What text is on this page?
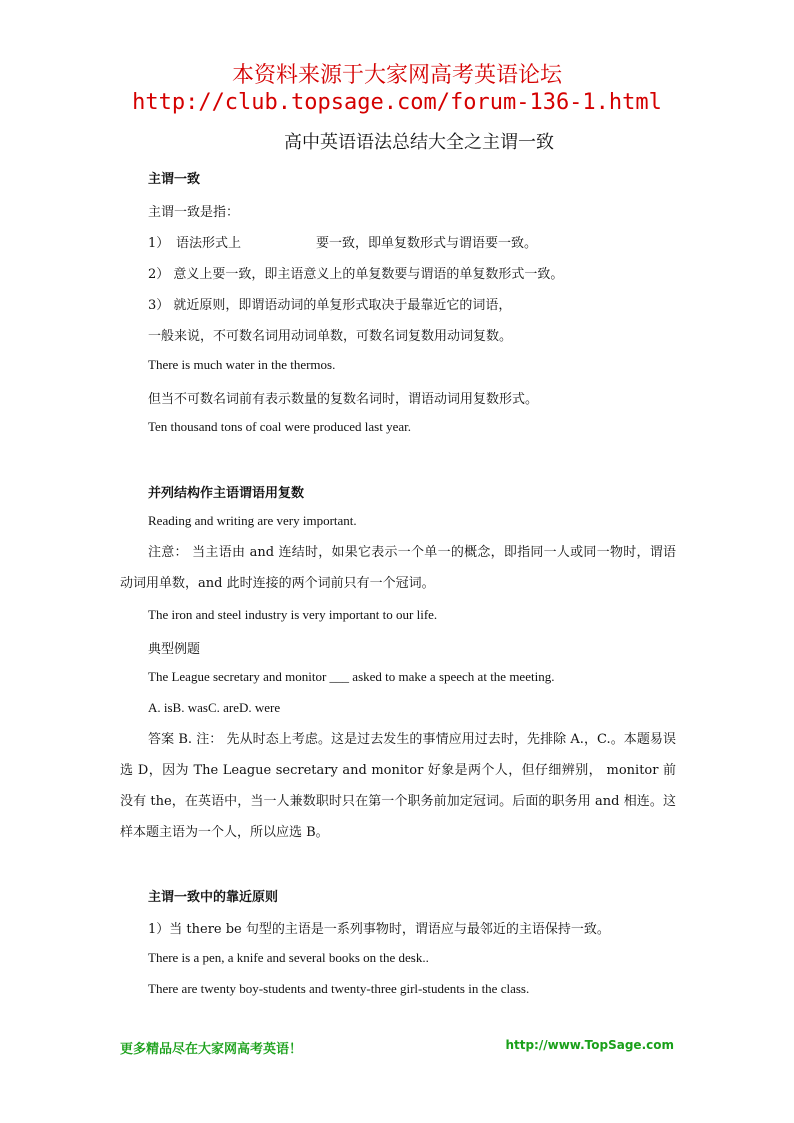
本资料来源于大家网高考英语论坛
http://club.topsage.com/forum-136-1.html
高中英语语法总结大全之主谓一致
主谓一致
主谓一致是指：
1） 语法形式上	要一致，即单复数形式与谓语要一致。
2） 意义上要一致，即主语意义上的单复数要与谓语的单复数形式一致。
3） 就近原则，即谓语动词的单复形式取决于最靠近它的词语，
一般来说，不可数名词用动词单数，可数名词复数用动词复数。
There is much water in the thermos.
但当不可数名词前有表示数量的复数名词时，谓语动词用复数形式。
Ten thousand tons of coal were produced last year.
并列结构作主语谓语用复数
Reading and writing are very important.
注意： 当主语由 and 连结时，如果它表示一个单一的概念，即指同一人或同一物时，谓语动词用单数，and 此时连接的两个词前只有一个冠词。
The iron and steel industry is very important to our life.
典型例题
The League secretary and monitor ___ asked to make a speech at the meeting.
A. isB. wasC. areD. were
答案 B. 注： 先从时态上考虑。这是过去发生的事情应用过去时，先排除 A.，C.。本题易误选 D，因为 The League secretary and monitor 好象是两个人，但仔细辨别， monitor 前没有 the，在英语中，当一人兼数职时只在第一个职务前加定冠词。后面的职务用 and 相连。这样本题主语为一个人，所以应选 B。
主谓一致中的靠近原则
1）当 there be 句型的主语是一系列事物时，谓语应与最邻近的主语保持一致。
There is a pen, a knife and several books on the desk..
There are twenty boy-students and twenty-three girl-students in the class.
更多精品尽在大家网高考英语！	http://www.TopSage.com
